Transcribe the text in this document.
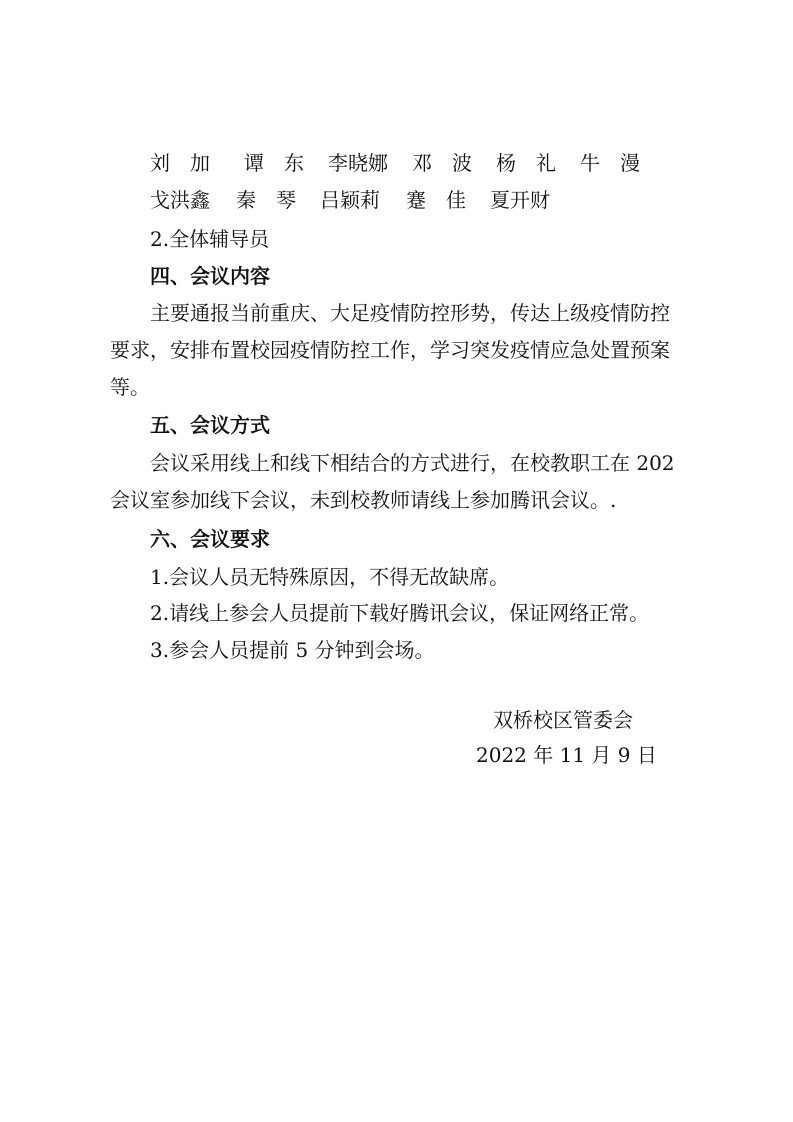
刘　加	谭　东	李晓娜	邓　波	杨　礼	牛　漫
戈洪鑫	秦　琴	吕颖莉	蹇　佳	夏开财
2.全体辅导员
四、会议内容
主要通报当前重庆、大足疫情防控形势，传达上级疫情防控
要求，安排布置校园疫情防控工作，学习突发疫情应急处置预案
等。
五、会议方式
会议采用线上和线下相结合的方式进行，在校教职工在 202
会议室参加线下会议，未到校教师请线上参加腾讯会议。.
六、会议要求
1.会议人员无特殊原因，不得无故缺席。
2.请线上参会人员提前下载好腾讯会议，保证网络正常。
3.参会人员提前 5 分钟到会场。
双桥校区管委会
2022 年 11 月 9 日
